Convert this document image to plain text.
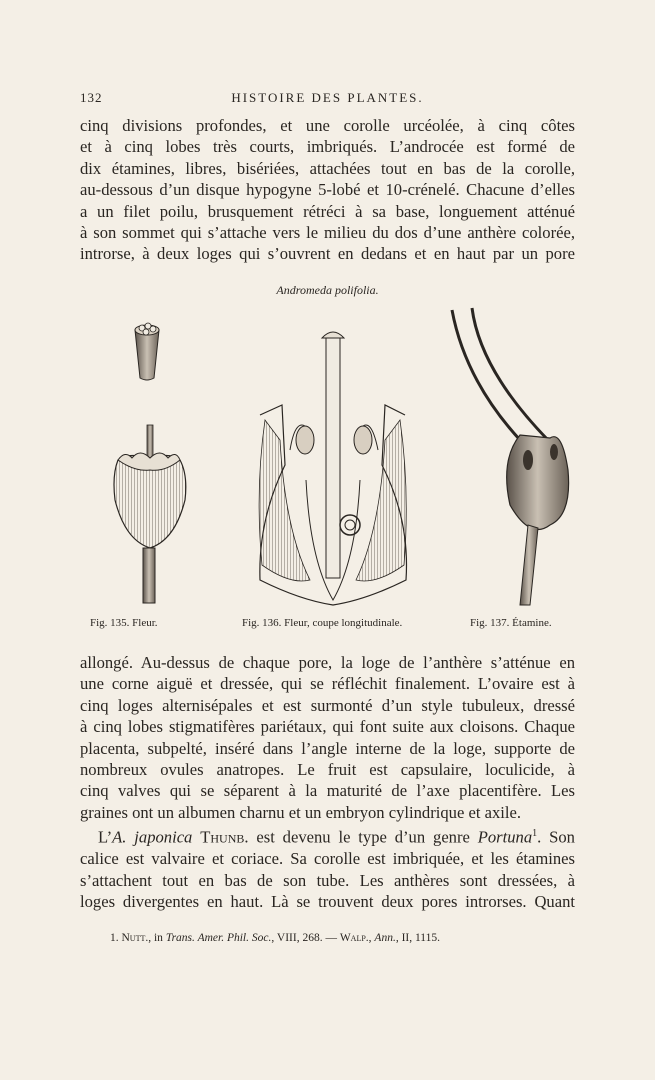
132	HISTOIRE DES PLANTES.

cinq divisions profondes, et une corolle urcéolée, à cinq côtes
et à cinq lobes très courts, imbriqués. L’androcée est formé de
dix étamines, libres, bisériées, attachées tout en bas de la corolle,
au-dessous d’un disque hypogyne 5-lobé et 10-crénelé. Chacune d’elles
a un filet poilu, brusquement rétréci à sa base, longuement atténué
à son sommet qui s’attache vers le milieu du dos d’une anthère colorée,
introrse, à deux loges qui s’ouvrent en dedans et en haut par un pore

Andromeda polifolia.
Fig. 135. Fleur.	Fig. 136. Fleur, coupe longitudinale.	Fig. 137. Étamine.

allongé. Au-dessus de chaque pore, la loge de l’anthère s’atténue en
une corne aiguë et dressée, qui se réfléchit finalement. L’ovaire est à
cinq loges alternisépales et est surmonté d’un style tubuleux, dressé
à cinq lobes stigmatifères pariétaux, qui font suite aux cloisons. Chaque
placenta, subpelté, inséré dans l’angle interne de la loge, supporte de
nombreux ovules anatropes. Le fruit est capsulaire, loculicide, à
cinq valves qui se séparent à la maturité de l’axe placentifère. Les
graines ont un albumen charnu et un embryon cylindrique et axile.
L’A. japonica Thunb. est devenu le type d’un genre Portuna$^1$. Son
calice est valvaire et coriace. Sa corolle est imbriquée, et les étamines
s’attachent tout en bas de son tube. Les anthères sont dressées, à
loges divergentes en haut. Là se trouvent deux pores introrses. Quant

1. Nutt., in Trans. Amer. Phil. Soc., VIII, 268. — Walp., Ann., II, 1115.
